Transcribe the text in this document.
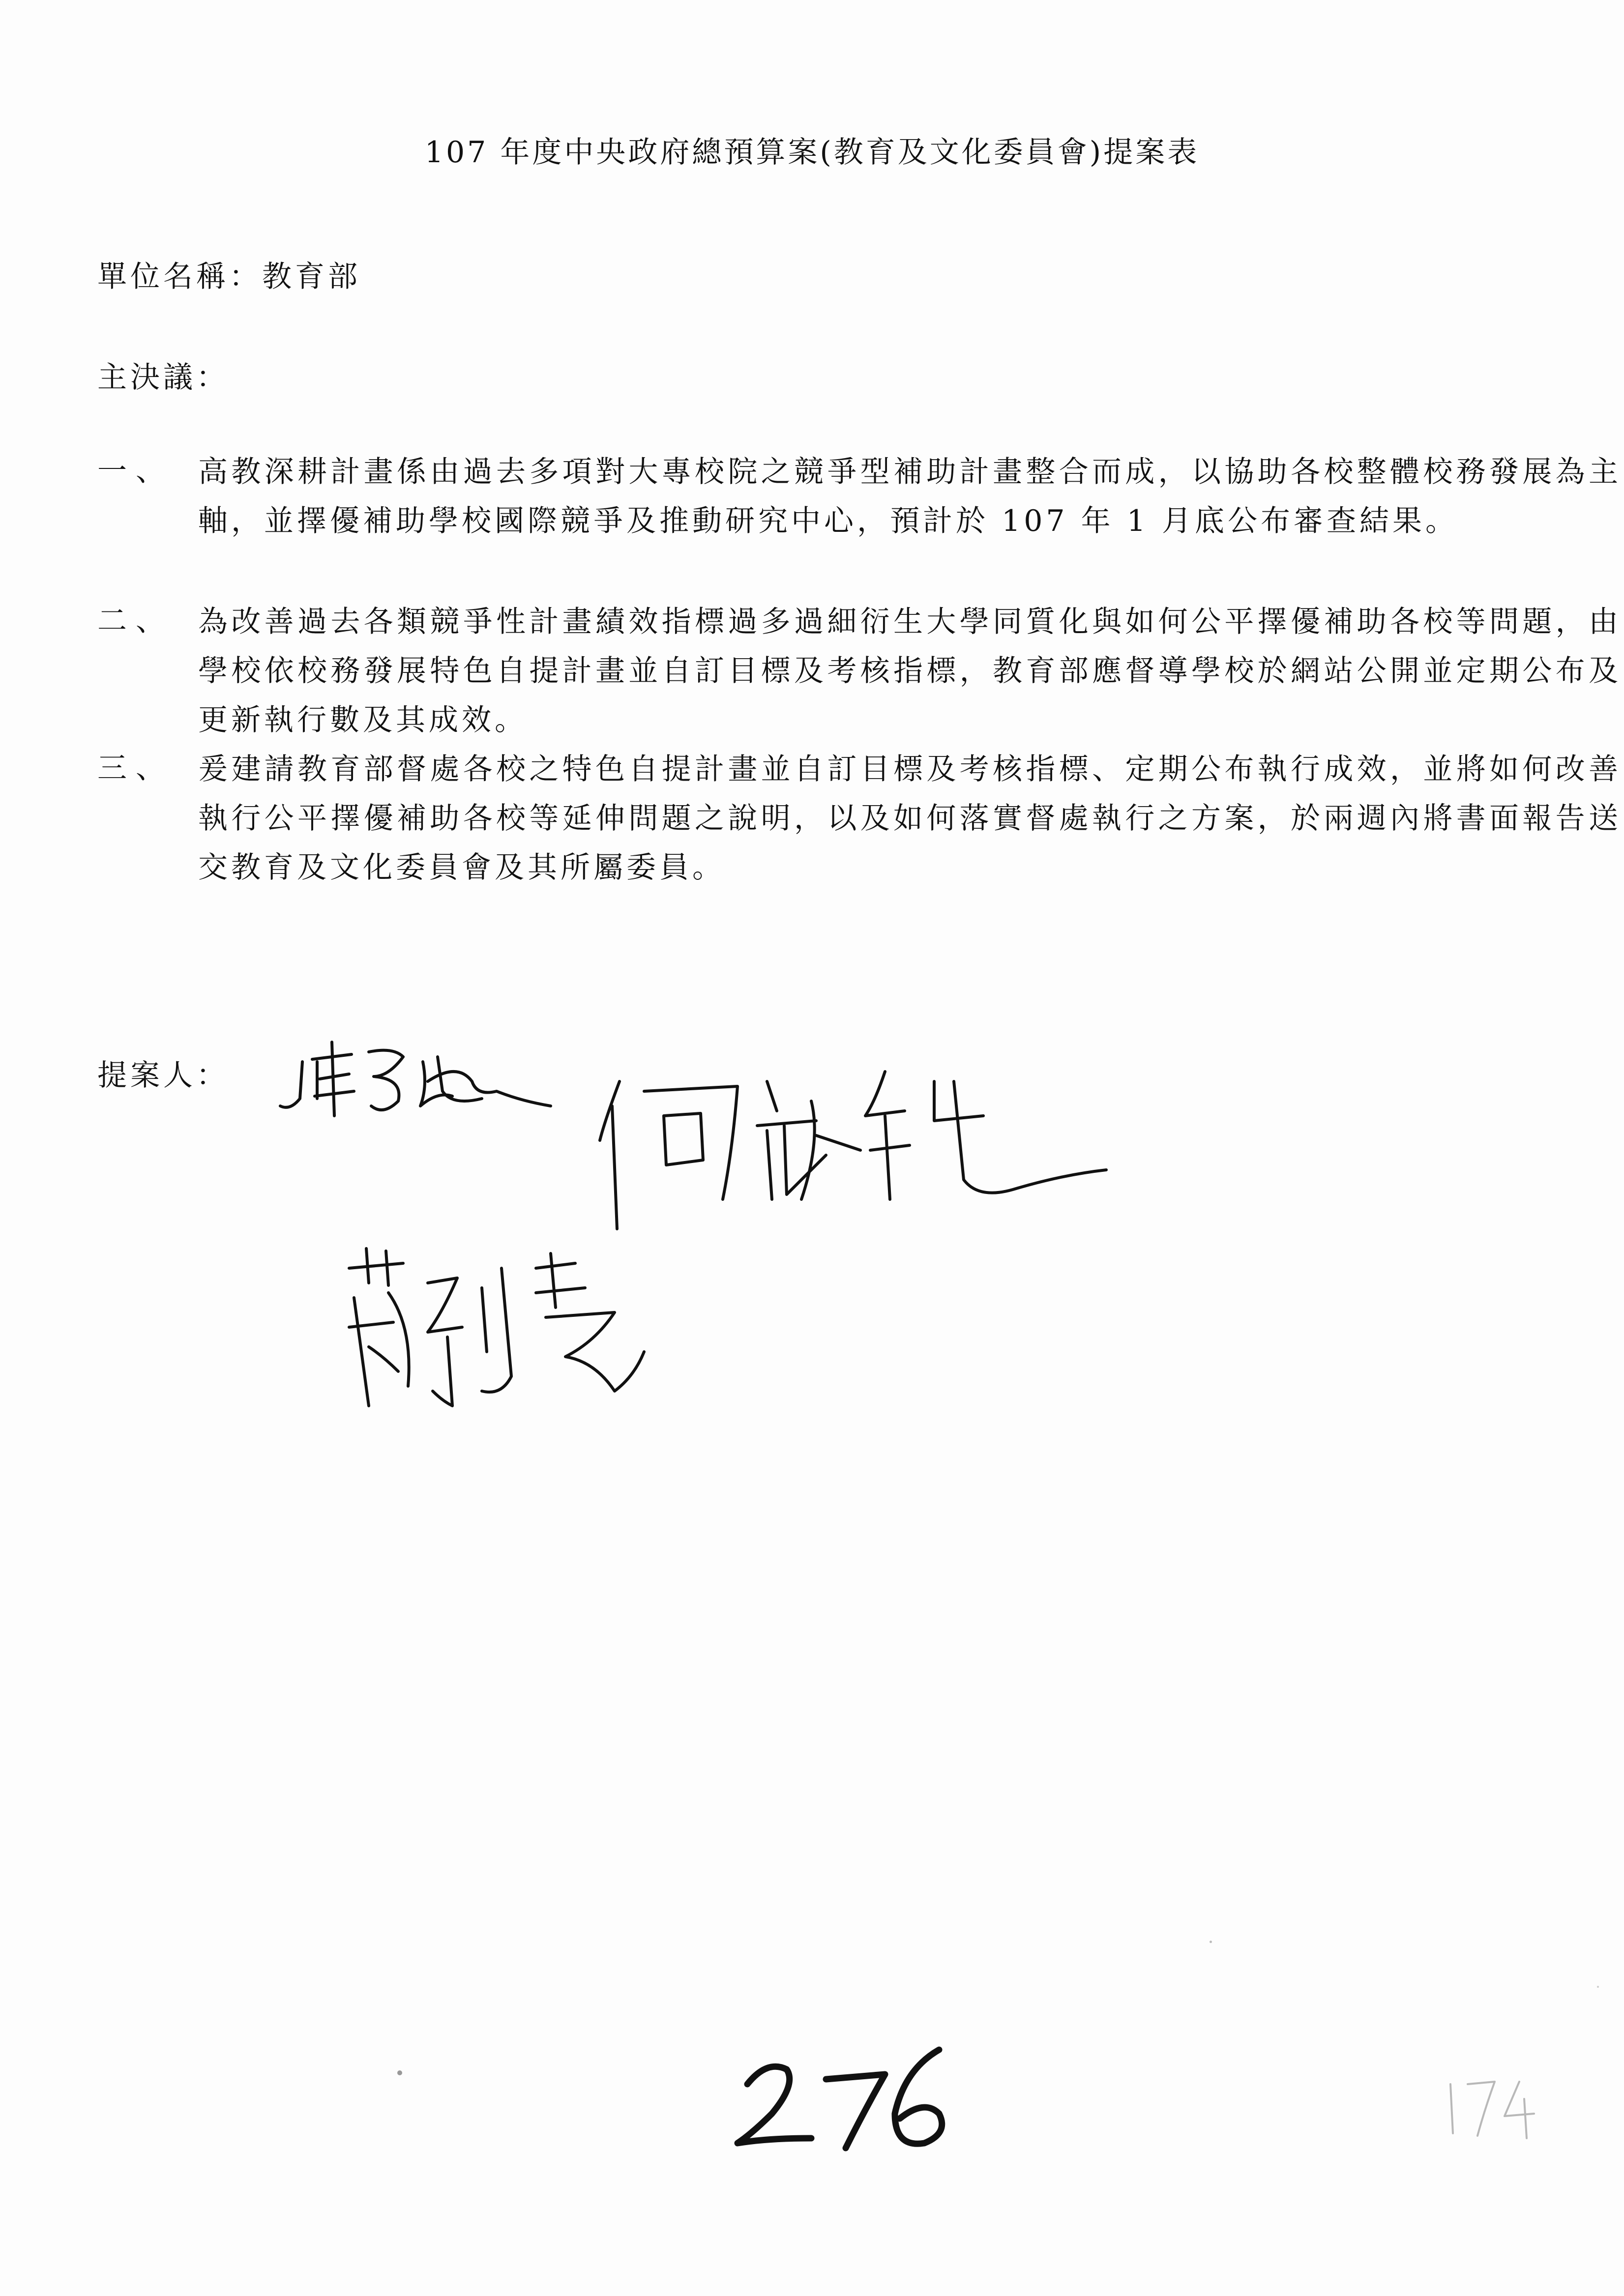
107 年度中央政府總預算案(教育及文化委員會)提案表
單位名稱：教育部
主決議：
一、 高教深耕計畫係由過去多項對大專校院之競爭型補助計畫整合而成，以協助各校整體校務發展為主軸，並擇優補助學校國際競爭及推動研究中心，預計於 107 年 1 月底公布審查結果。
二、 為改善過去各類競爭性計畫績效指標過多過細衍生大學同質化與如何公平擇優補助各校等問題，由學校依校務發展特色自提計畫並自訂目標及考核指標，教育部應督導學校於網站公開並定期公布及更新執行數及其成效。
三、 爰建請教育部督處各校之特色自提計畫並自訂目標及考核指標、定期公布執行成效，並將如何改善執行公平擇優補助各校等延伸問題之說明，以及如何落實督處執行之方案，於兩週內將書面報告送交教育及文化委員會及其所屬委員。
提案人：
